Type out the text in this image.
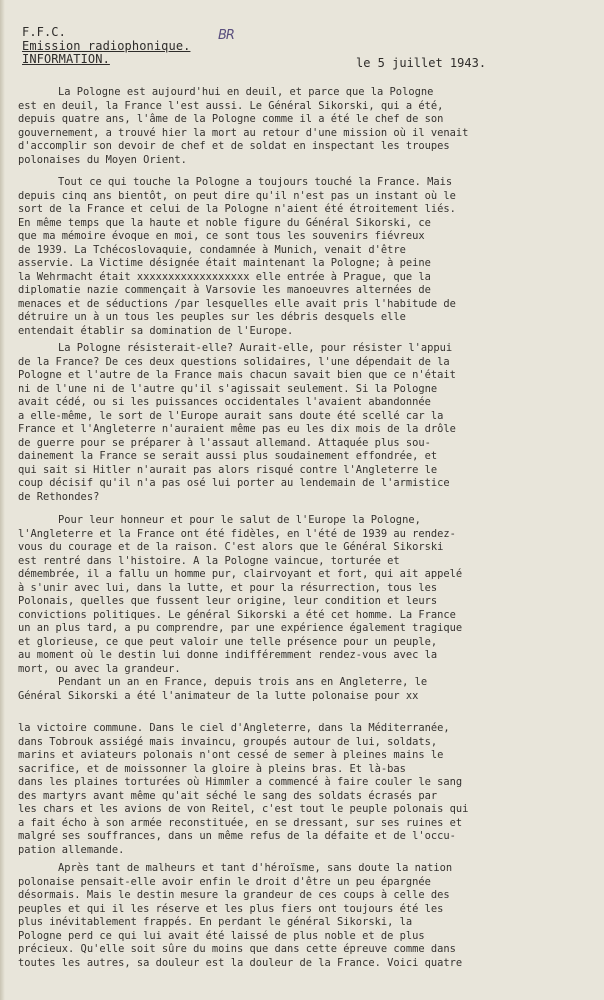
F.F.C.
Emission radiophonique.
INFORMATION.
BR
le 5 juillet 1943.
La Pologne est aujourd'hui en deuil, et parce que la Pologne
est en deuil, la France l'est aussi. Le Général Sikorski, qui a été,
depuis quatre ans, l'âme de la Pologne comme il a été le chef de son
gouvernement, a trouvé hier la mort au retour d'une mission où il venait
d'accomplir son devoir de chef et de soldat en inspectant les troupes
polonaises du Moyen Orient.
Tout ce qui touche la Pologne a toujours touché la France. Mais
depuis cinq ans bientôt, on peut dire qu'il n'est pas un instant où le
sort de la France et celui de la Pologne n'aient été étroitement liés.
En même temps que la haute et noble figure du Général Sikorski, ce
que ma mémoire évoque en moi, ce sont tous les souvenirs fiévreux
de 1939. La Tchécoslovaquie, condamnée à Munich, venait d'être
asservie. La Victime désignée était maintenant la Pologne; à peine
la Wehrmacht était xxxxxxxxxxxxxxxxxx elle entrée à Prague, que la
diplomatie nazie commençait à Varsovie les manoeuvres alternées de
menaces et de séductions /par lesquelles elle avait pris l'habitude de
détruire un à un tous les peuples sur les débris desquels elle
entendait établir sa domination de l'Europe.
La Pologne résisterait-elle? Aurait-elle, pour résister l'appui
de la France? De ces deux questions solidaires, l'une dépendait de la
Pologne et l'autre de la France mais chacun savait bien que ce n'était
ni de l'une ni de l'autre qu'il s'agissait seulement. Si la Pologne
avait cédé, ou si les puissances occidentales l'avaient abandonnée
a elle-même, le sort de l'Europe aurait sans doute été scellé car la
France et l'Angleterre n'auraient même pas eu les dix mois de la drôle
de guerre pour se préparer à l'assaut allemand. Attaquée plus sou-
dainement la France se serait aussi plus soudainement effondrée, et
qui sait si Hitler n'aurait pas alors risqué contre l'Angleterre le
coup décisif qu'il n'a pas osé lui porter au lendemain de l'armistice
de Rethondes?
Pour leur honneur et pour le salut de l'Europe la Pologne,
l'Angleterre et la France ont été fidèles, en l'été de 1939 au rendez-
vous du courage et de la raison. C'est alors que le Général Sikorski
est rentré dans l'histoire. A la Pologne vaincue, torturée et
démembrée, il a fallu un homme pur, clairvoyant et fort, qui ait appelé
à s'unir avec lui, dans la lutte, et pour la résurrection, tous les
Polonais, quelles que fussent leur origine, leur condition et leurs
convictions politiques. Le général Sikorski a été cet homme. La France
un an plus tard, a pu comprendre, par une expérience également tragique
et glorieuse, ce que peut valoir une telle présence pour un peuple,
au moment où le destin lui donne indifféremment rendez-vous avec la
mort, ou avec la grandeur.
Pendant un an en France, depuis trois ans en Angleterre, le
Général Sikorski a été l'animateur de la lutte polonaise pour xx
la victoire commune. Dans le ciel d'Angleterre, dans la Méditerranée,
dans Tobrouk assiégé mais invaincu, groupés autour de lui, soldats,
marins et aviateurs polonais n'ont cessé de semer à pleines mains le
sacrifice, et de moissonner la gloire à pleins bras. Et là-bas
dans les plaines torturées où Himmler a commencé à faire couler le sang
des martyrs avant même qu'ait séché le sang des soldats écrasés par
les chars et les avions de von Reitel, c'est tout le peuple polonais qui
a fait écho à son armée reconstituée, en se dressant, sur ses ruines et
malgré ses souffrances, dans un même refus de la défaite et de l'occu-
pation allemande.
Après tant de malheurs et tant d'héroïsme, sans doute la nation
polonaise pensait-elle avoir enfin le droit d'être un peu épargnée
désormais. Mais le destin mesure la grandeur de ces coups à celle des
peuples et qui il les réserve et les plus fiers ont toujours été les
plus inévitablement frappés. En perdant le général Sikorski, la
Pologne perd ce qui lui avait été laissé de plus noble et de plus
précieux. Qu'elle soit sûre du moins que dans cette épreuve comme dans
toutes les autres, sa douleur est la douleur de la France. Voici quatre
